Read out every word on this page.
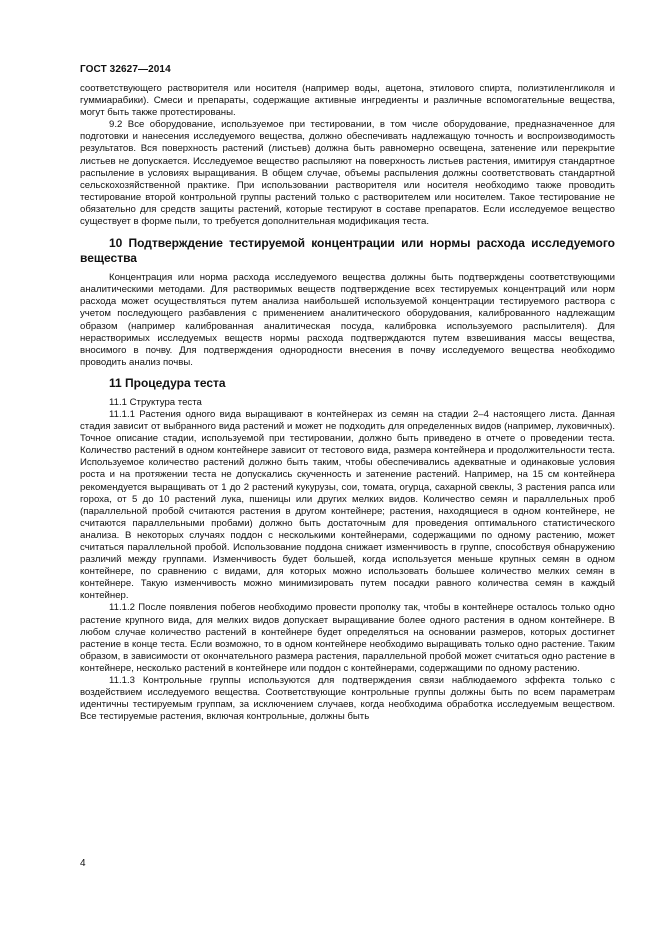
ГОСТ 32627—2014

соответствующего растворителя или носителя (например воды, ацетона, этилового спирта, полиэтиленгликоля и гуммиарабики). Смеси и препараты, содержащие активные ингредиенты и различные вспомогательные вещества, могут быть также протестированы.

9.2 Все оборудование, используемое при тестировании, в том числе оборудование, предназначенное для подготовки и нанесения исследуемого вещества, должно обеспечивать надлежащую точность и воспроизводимость результатов. Вся поверхность растений (листьев) должна быть равномерно освещена, затенение или перекрытие листьев не допускается. Исследуемое вещество распыляют на поверхность листьев растения, имитируя стандартное распыление в условиях выращивания. В общем случае, объемы распыления должны соответствовать стандартной сельскохозяйственной практике. При использовании растворителя или носителя необходимо также проводить тестирование второй контрольной группы растений только с растворителем или носителем. Такое тестирование не обязательно для средств защиты растений, которые тестируют в составе препаратов. Если исследуемое вещество существует в форме пыли, то требуется дополнительная модификация теста.

10 Подтверждение тестируемой концентрации или нормы расхода исследуемого вещества

Концентрация или норма расхода исследуемого вещества должны быть подтверждены соответствующими аналитическими методами. Для растворимых веществ подтверждение всех тестируемых концентраций или норм расхода может осуществляться путем анализа наибольшей используемой концентрации тестируемого раствора с учетом последующего разбавления с применением аналитического оборудования, калиброванного надлежащим образом (например калиброванная аналитическая посуда, калибровка используемого распылителя). Для нерастворимых исследуемых веществ нормы расхода подтверждаются путем взвешивания массы вещества, вносимого в почву. Для подтверждения однородности внесения в почву исследуемого вещества необходимо проводить анализ почвы.

11 Процедура теста

11.1 Структура теста

11.1.1 Растения одного вида выращивают в контейнерах из семян на стадии 2–4 настоящего листа. Данная стадия зависит от выбранного вида растений и может не подходить для определенных видов (например, луковичных). Точное описание стадии, используемой при тестировании, должно быть приведено в отчете о проведении теста. Количество растений в одном контейнере зависит от тестового вида, размера контейнера и продолжительности теста. Используемое количество растений должно быть таким, чтобы обеспечивались адекватные и одинаковые условия роста и на протяжении теста не допускались скученность и затенение растений. Например, на 15 см контейнера рекомендуется выращивать от 1 до 2 растений кукурузы, сои, томата, огурца, сахарной свеклы, 3 растения рапса или гороха, от 5 до 10 растений лука, пшеницы или других мелких видов. Количество семян и параллельных проб (параллельной пробой считаются растения в другом контейнере; растения, находящиеся в одном контейнере, не считаются параллельными пробами) должно быть достаточным для проведения оптимального статистического анализа. В некоторых случаях поддон с несколькими контейнерами, содержащими по одному растению, может считаться параллельной пробой. Использование поддона снижает изменчивость в группе, способствуя обнаружению различий между группами. Изменчивость будет большей, когда используется меньше крупных семян в одном контейнере, по сравнению с видами, для которых можно использовать большее количество мелких семян в контейнере. Такую изменчивость можно минимизировать путем посадки равного количества семян в каждый контейнер.

11.1.2 После появления побегов необходимо провести прополку так, чтобы в контейнере осталось только одно растение крупного вида, для мелких видов допускает выращивание более одного растения в одном контейнере. В любом случае количество растений в контейнере будет определяться на основании размеров, которых достигнет растение в конце теста. Если возможно, то в одном контейнере необходимо выращивать только одно растение. Таким образом, в зависимости от окончательного размера растения, параллельной пробой может считаться одно растение в контейнере, несколько растений в контейнере или поддон с контейнерами, содержащими по одному растению.

11.1.3 Контрольные группы используются для подтверждения связи наблюдаемого эффекта только с воздействием исследуемого вещества. Соответствующие контрольные группы должны быть по всем параметрам идентичны тестируемым группам, за исключением случаев, когда необходима обработка исследуемым веществом. Все тестируемые растения, включая контрольные, должны быть

4
